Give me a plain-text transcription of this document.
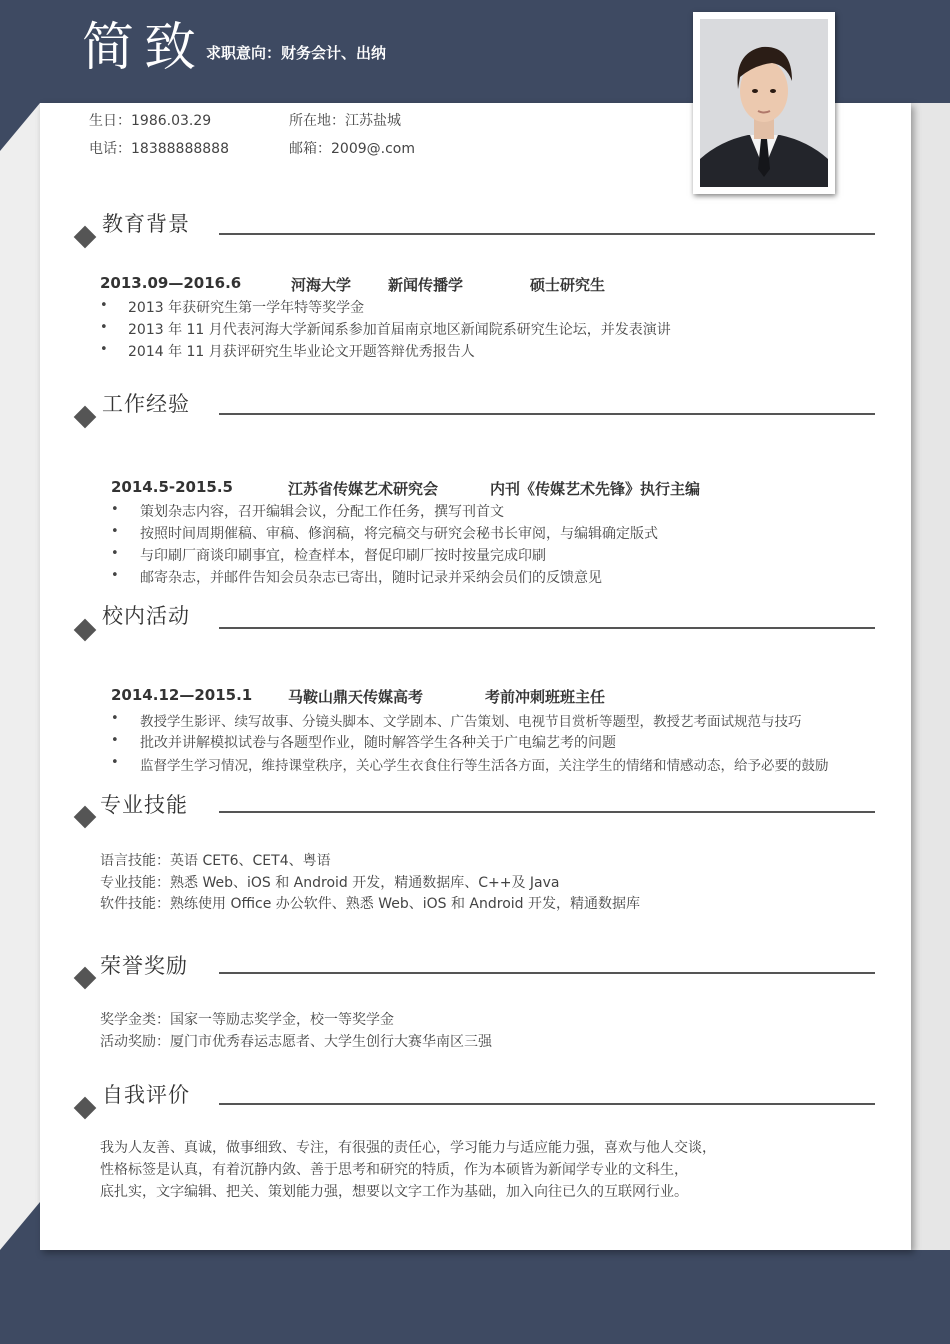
简致 求职意向：财务会计、出纳
生日：1986.03.29	所在地：江苏盐城
电话：18388888888	邮箱：2009@.com
教育背景
2013.09—2016.6	河海大学 新闻传播学	硕士研究生
• 2013 年获研究生第一学年特等奖学金
• 2013 年 11 月代表河海大学新闻系参加首届南京地区新闻院系研究生论坛，并发表演讲
• 2014 年 11 月获评研究生毕业论文开题答辩优秀报告人
工作经验
2014.5-2015.5	江苏省传媒艺术研究会	内刊《传媒艺术先锋》执行主编
• 策划杂志内容，召开编辑会议，分配工作任务，撰写刊首文
• 按照时间周期催稿、审稿、修润稿，将完稿交与研究会秘书长审阅，与编辑确定版式
• 与印刷厂商谈印刷事宜，检查样本，督促印刷厂按时按量完成印刷
• 邮寄杂志，并邮件告知会员杂志已寄出，随时记录并采纳会员们的反馈意见
校内活动
2014.12—2015.1 马鞍山鼎天传媒高考	考前冲刺班班主任
• 教授学生影评、续写故事、分镜头脚本、文学剧本、广告策划、电视节目赏析等题型，教授艺考面试规范与技巧
• 批改并讲解模拟试卷与各题型作业，随时解答学生各种关于广电编艺考的问题
• 监督学生学习情况，维持课堂秩序，关心学生衣食住行等生活各方面，关注学生的情绪和情感动态，给予必要的鼓励
专业技能
语言技能：英语 CET6、CET4、粤语
专业技能：熟悉 Web、iOS 和 Android 开发，精通数据库、C++及 Java
软件技能：熟练使用 Office 办公软件、熟悉 Web、iOS 和 Android 开发，精通数据库
荣誉奖励
奖学金类：国家一等励志奖学金，校一等奖学金
活动奖励：厦门市优秀春运志愿者、大学生创行大赛华南区三强
自我评价
我为人友善、真诚，做事细致、专注，有很强的责任心，学习能力与适应能力强，喜欢与他人交谈，
性格标签是认真，有着沉静内敛、善于思考和研究的特质，作为本硕皆为新闻学专业的文科生，
底扎实，文字编辑、把关、策划能力强，想要以文字工作为基础，加入向往已久的互联网行业。
